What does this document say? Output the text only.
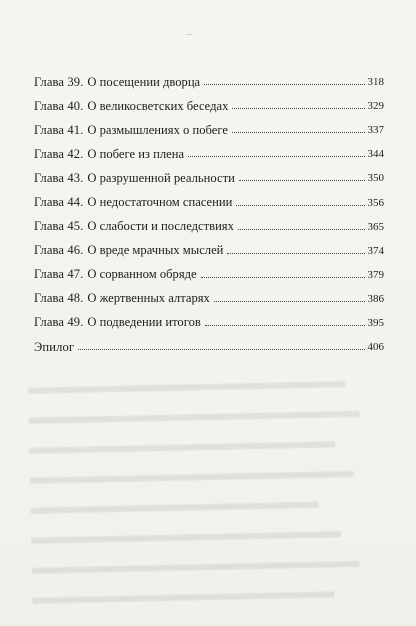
Глава 39. О посещении дворца	318
Глава 40. О великосветских беседах	329
Глава 41. О размышлениях о побеге	337
Глава 42. О побеге из плена	344
Глава 43. О разрушенной реальности	350
Глава 44. О недостаточном спасении	356
Глава 45. О слабости и последствиях	365
Глава 46. О вреде мрачных мыслей	374
Глава 47. О сорванном обряде	379
Глава 48. О жертвенных алтарях	386
Глава 49. О подведении итогов	395
Эпилог	406
